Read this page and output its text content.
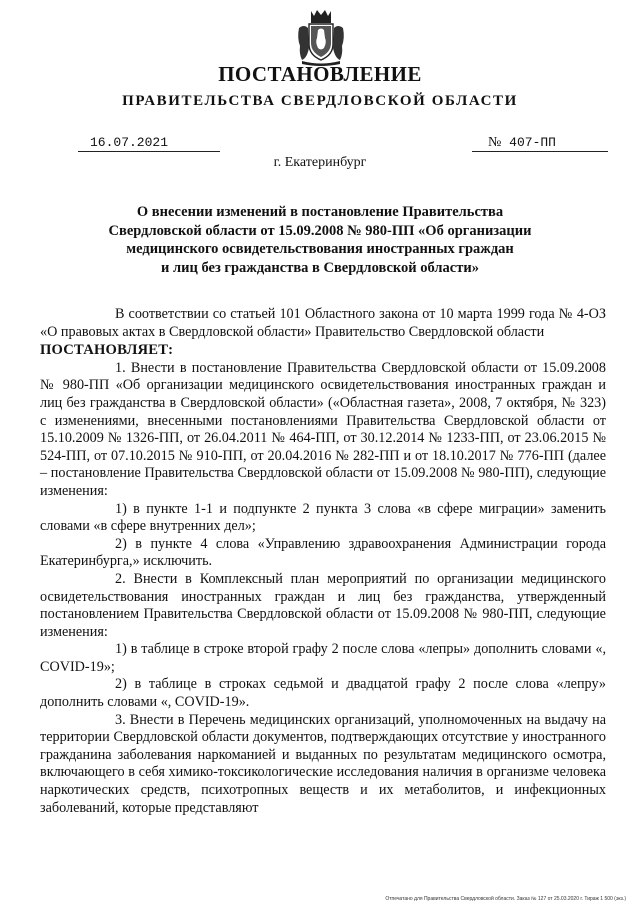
ПОСТАНОВЛЕНИЕ
ПРАВИТЕЛЬСТВА СВЕРДЛОВСКОЙ ОБЛАСТИ
16.07.2021	№ 407-ПП
г. Екатеринбург
О внесении изменений в постановление Правительства
Свердловской области от 15.09.2008 № 980-ПП «Об организации
медицинского освидетельствования иностранных граждан
и лиц без гражданства в Свердловской области»

В соответствии со статьей 101 Областного закона от 10 марта 1999 года № 4-ОЗ «О правовых актах в Свердловской области» Правительство Свердловской области

ПОСТАНОВЛЯЕТ:

1. Внести в постановление Правительства Свердловской области от 15.09.2008 № 980-ПП «Об организации медицинского освидетельствования иностранных граждан и лиц без гражданства в Свердловской области» («Областная газета», 2008, 7 октября, № 323) с изменениями, внесенными постановлениями Правительства Свердловской области от 15.10.2009 № 1326-ПП, от 26.04.2011 № 464-ПП, от 30.12.2014 № 1233-ПП, от 23.06.2015 № 524-ПП, от 07.10.2015 № 910-ПП, от 20.04.2016 № 282-ПП и от 18.10.2017 № 776-ПП (далее – постановление Правительства Свердловской области от 15.09.2008 № 980-ПП), следующие изменения:

1) в пункте 1-1 и подпункте 2 пункта 3 слова «в сфере миграции» заменить словами «в сфере внутренних дел»;

2) в пункте 4 слова «Управлению здравоохранения Администрации города Екатеринбурга,» исключить.

2. Внести в Комплексный план мероприятий по организации медицинского освидетельствования иностранных граждан и лиц без гражданства, утвержденный постановлением Правительства Свердловской области от 15.09.2008 № 980-ПП, следующие изменения:

1) в таблице в строке второй графу 2 после слова «лепры» дополнить словами «, COVID-19»;

2) в таблице в строках седьмой и двадцатой графу 2 после слова «лепру» дополнить словами «, COVID-19».

3. Внести в Перечень медицинских организаций, уполномоченных на выдачу на территории Свердловской области документов, подтверждающих отсутствие у иностранного гражданина заболевания наркоманией и выданных по результатам медицинского осмотра, включающего в себя химико-токсикологические исследования наличия в организме человека наркотических средств, психотропных веществ и их метаболитов, и инфекционных заболеваний, которые представляют

Отпечатано для Правительства Свердловской области. Заказ № 127 от 25.03.2020 г. Тираж 1 500 (экз.)
